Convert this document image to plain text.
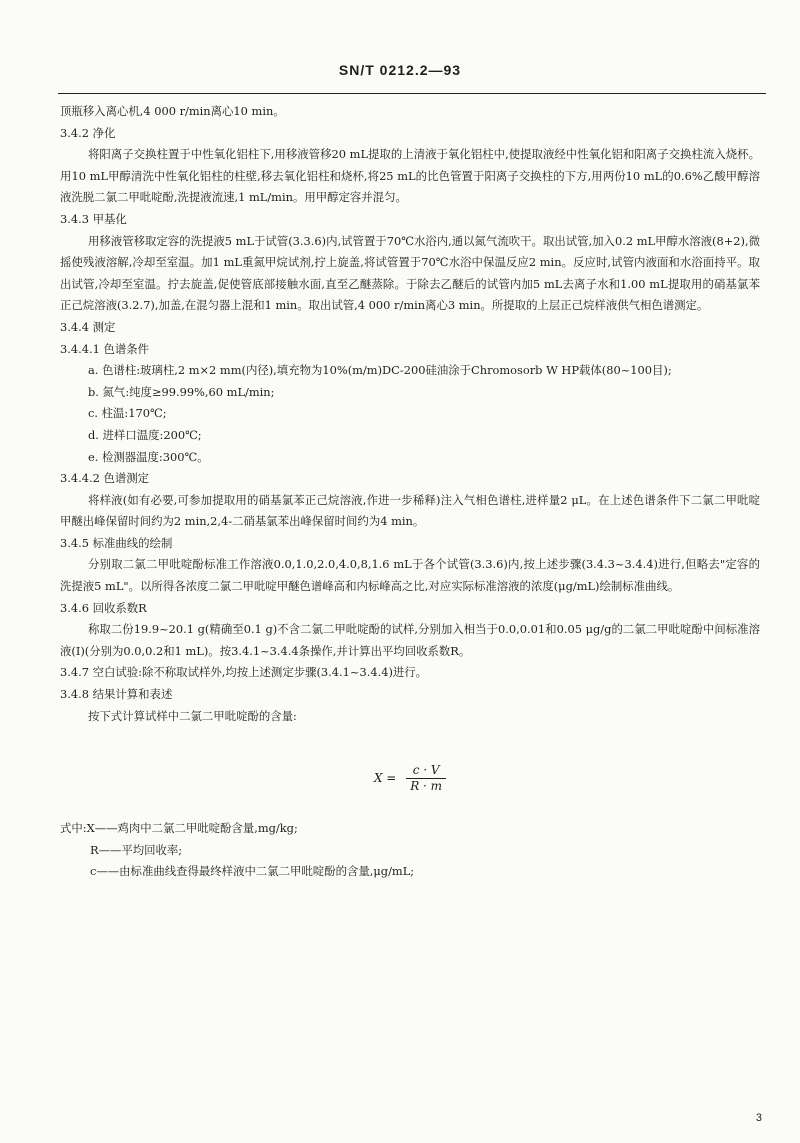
SN/T 0212.2—93

顶瓶移入离心机,4 000 r/min离心10 min。

3.4.2 净化

将阳离子交换柱置于中性氧化铝柱下,用移液管移20 mL提取的上清液于氧化铝柱中,使提取液经中性氧化铝和阳离子交换柱流入烧杯。用10 mL甲醇清洗中性氧化铝柱的柱壁,移去氧化铝柱和烧杯,将25 mL的比色管置于阳离子交换柱的下方,用两份10 mL的0.6%乙酸甲醇溶液洗脱二氯二甲吡啶酚,洗提液流速,1 mL/min。用甲醇定容并混匀。

3.4.3 甲基化

用移液管移取定容的洗提液5 mL于试管(3.3.6)内,试管置于70℃水浴内,通以氮气流吹干。取出试管,加入0.2 mL甲醇水溶液(8+2),微摇使残液溶解,冷却至室温。加1 mL重氮甲烷试剂,拧上旋盖,将试管置于70℃水浴中保温反应2 min。反应时,试管内液面和水浴面持平。取出试管,冷却至室温。拧去旋盖,促使管底部接触水面,直至乙醚蒸除。于除去乙醚后的试管内加5 mL去离子水和1.00 mL提取用的硝基氯苯正己烷溶液(3.2.7),加盖,在混匀器上混和1 min。取出试管,4 000 r/min离心3 min。所提取的上层正己烷样液供气相色谱测定。

3.4.4 测定

3.4.4.1 色谱条件

a. 色谱柱:玻璃柱,2 m×2 mm(内径),填充物为10%(m/m)DC-200硅油涂于Chromosorb W HP载体(80~100目);

b. 氮气:纯度≥99.99%,60 mL/min;

c. 柱温:170℃;

d. 进样口温度:200℃;

e. 检测器温度:300℃。

3.4.4.2 色谱测定

将样液(如有必要,可参加提取用的硝基氯苯正己烷溶液,作进一步稀释)注入气相色谱柱,进样量2 μL。在上述色谱条件下二氯二甲吡啶甲醚出峰保留时间约为2 min,2,4-二硝基氯苯出峰保留时间约为4 min。

3.4.5 标准曲线的绘制

分别取二氯二甲吡啶酚标准工作溶液0.0,1.0,2.0,4.0,8,1.6 mL于各个试管(3.3.6)内,按上述步骤(3.4.3~3.4.4)进行,但略去"定容的洗提液5 mL"。以所得各浓度二氯二甲吡啶甲醚色谱峰高和内标峰高之比,对应实际标准溶液的浓度(μg/mL)绘制标准曲线。

3.4.6 回收系数R

称取二份19.9~20.1 g(精确至0.1 g)不含二氯二甲吡啶酚的试样,分别加入相当于0.0,0.01和0.05 μg/g的二氯二甲吡啶酚中间标准溶液(Ⅰ)(分别为0.0,0.2和1 mL)。按3.4.1~3.4.4条操作,并计算出平均回收系数R。

3.4.7 空白试验:除不称取试样外,均按上述测定步骤(3.4.1~3.4.4)进行。

3.4.8 结果计算和表述

按下式计算试样中二氯二甲吡啶酚的含量:

$X = \frac{c \cdot V}{R \cdot m}$

式中:X——鸡肉中二氯二甲吡啶酚含量,mg/kg;

R——平均回收率;

c——由标准曲线查得最终样液中二氯二甲吡啶酚的含量,μg/mL;

3
